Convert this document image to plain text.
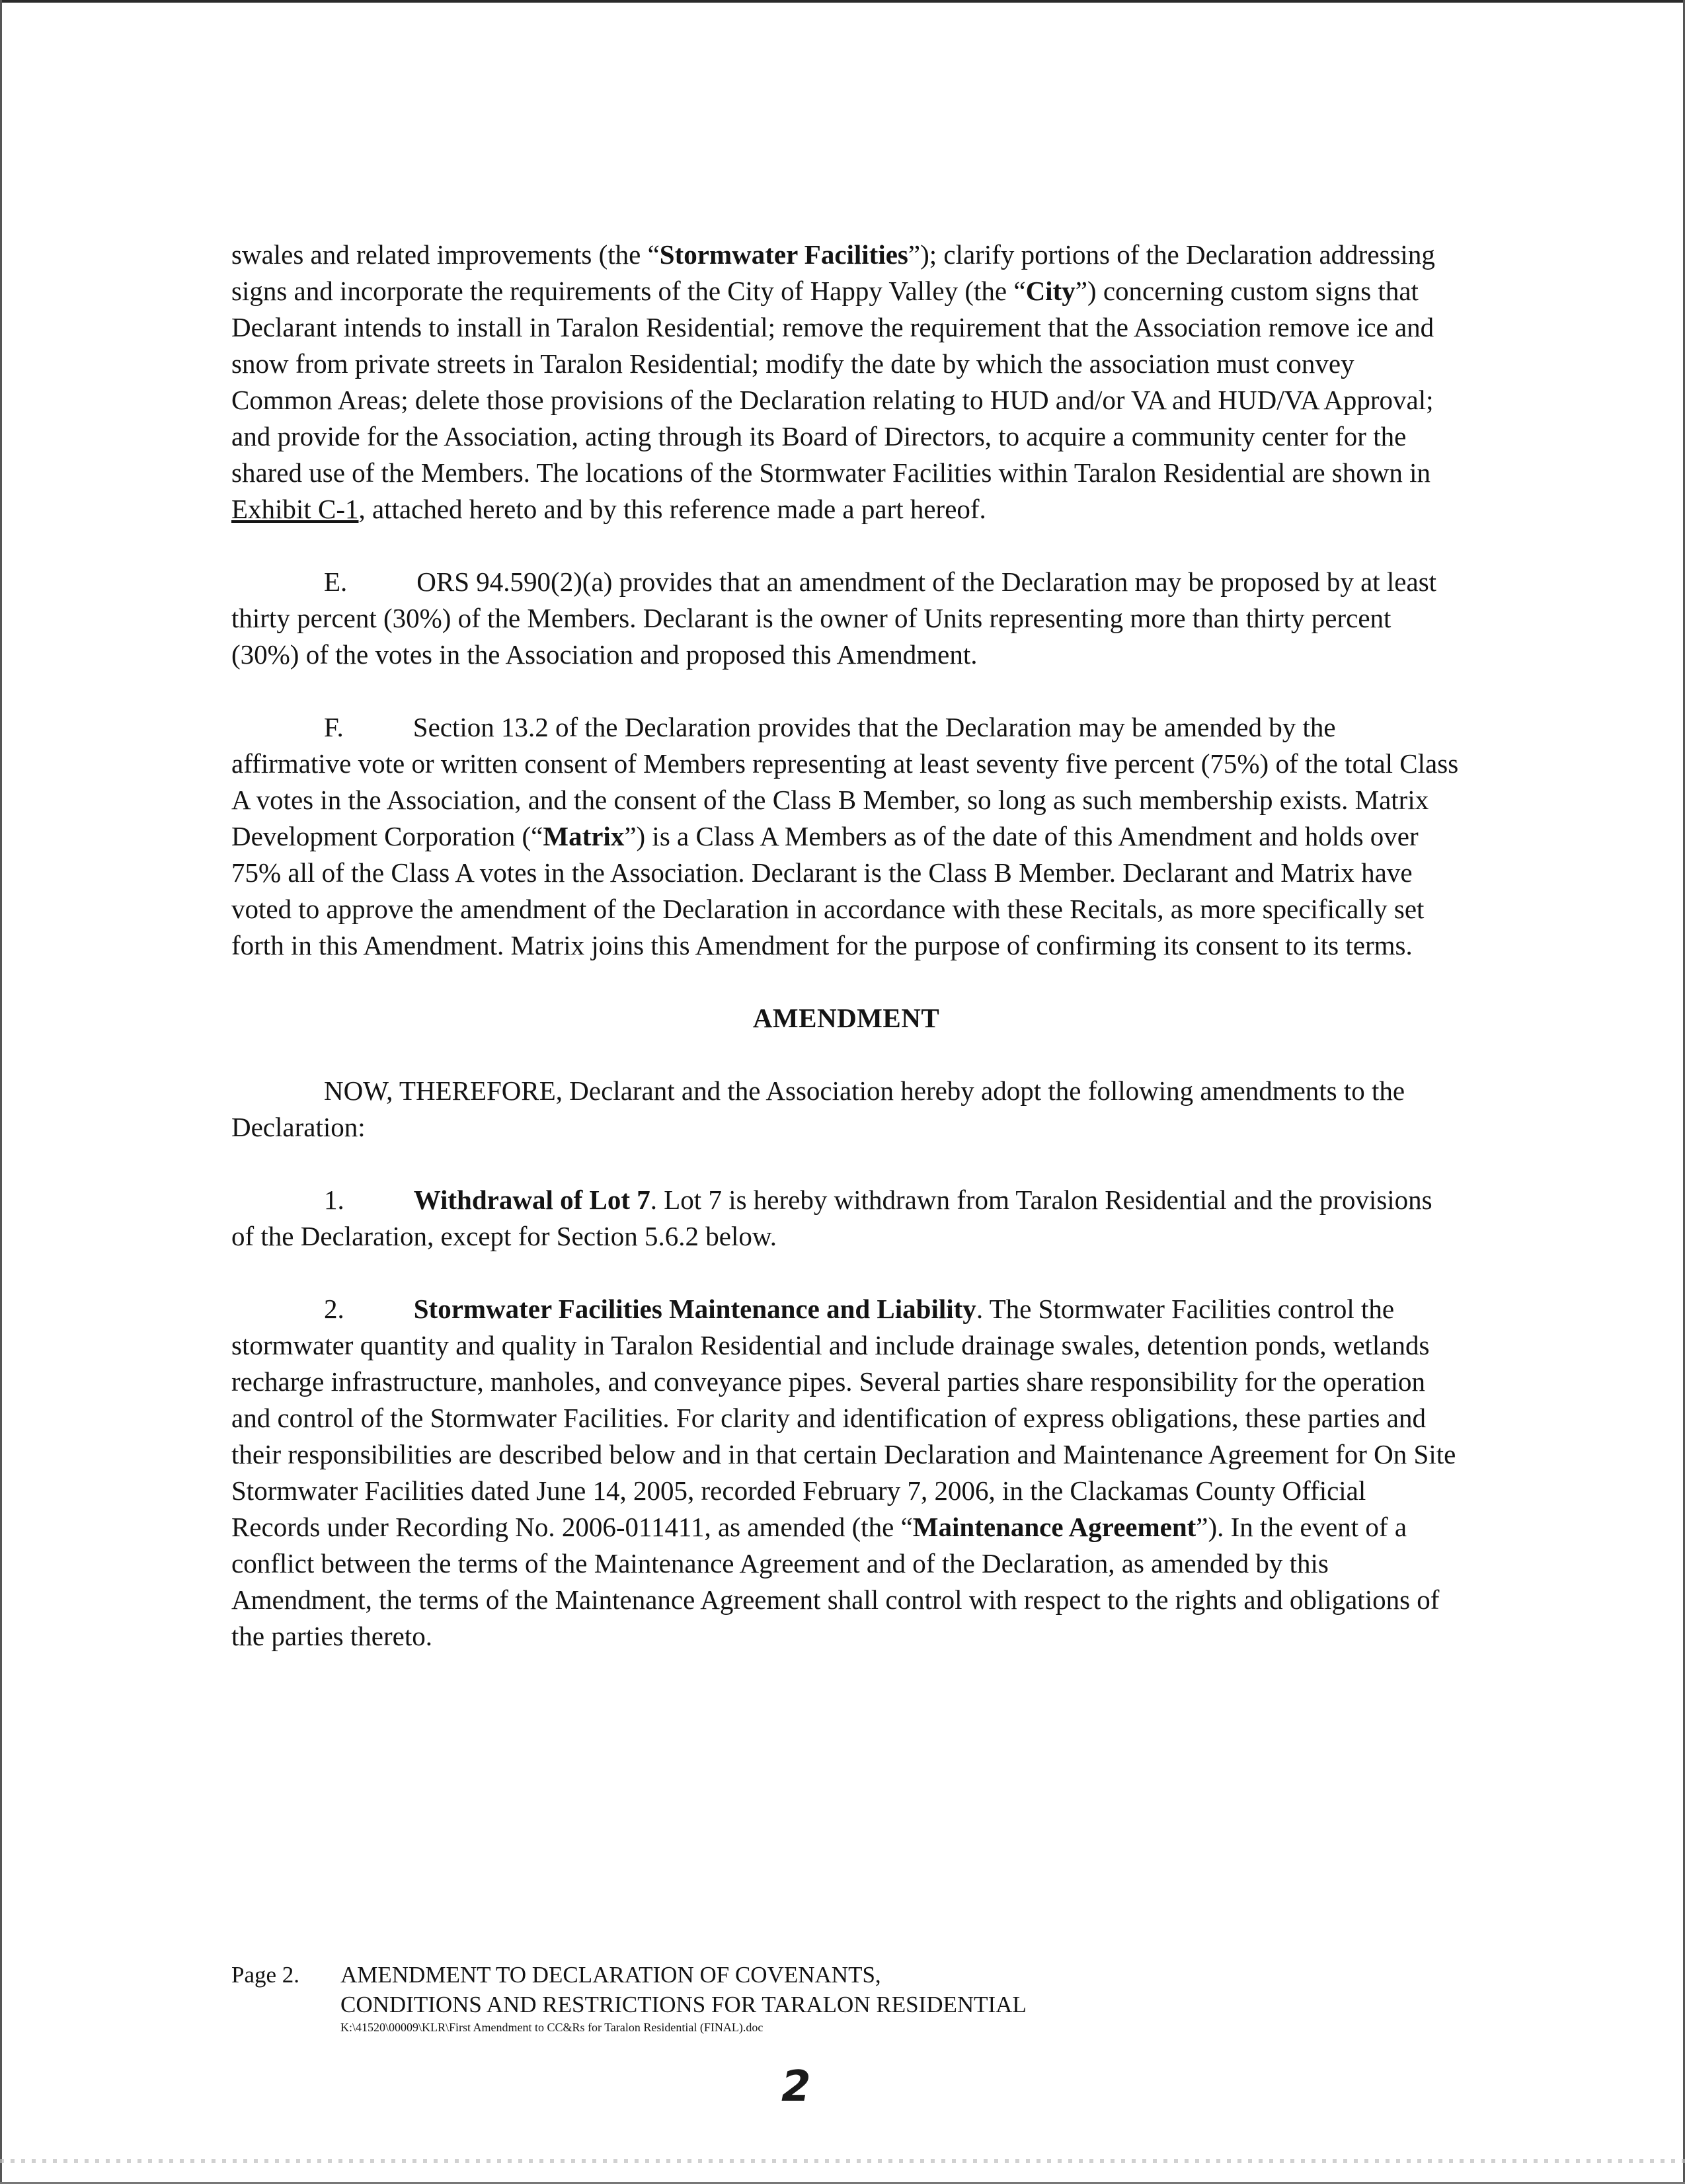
swales and related improvements (the “Stormwater Facilities”); clarify portions of the Declaration addressing signs and incorporate the requirements of the City of Happy Valley (the “City”) concerning custom signs that Declarant intends to install in Taralon Residential; remove the requirement that the Association remove ice and snow from private streets in Taralon Residential; modify the date by which the association must convey Common Areas; delete those provisions of the Declaration relating to HUD and/or VA and HUD/VA Approval; and provide for the Association, acting through its Board of Directors, to acquire a community center for the shared use of the Members. The locations of the Stormwater Facilities within Taralon Residential are shown in Exhibit C-1, attached hereto and by this reference made a part hereof.

E.	ORS 94.590(2)(a) provides that an amendment of the Declaration may be proposed by at least thirty percent (30%) of the Members. Declarant is the owner of Units representing more than thirty percent (30%) of the votes in the Association and proposed this Amendment.

F.	Section 13.2 of the Declaration provides that the Declaration may be amended by the affirmative vote or written consent of Members representing at least seventy five percent (75%) of the total Class A votes in the Association, and the consent of the Class B Member, so long as such membership exists. Matrix Development Corporation (“Matrix”) is a Class A Members as of the date of this Amendment and holds over 75% all of the Class A votes in the Association. Declarant is the Class B Member. Declarant and Matrix have voted to approve the amendment of the Declaration in accordance with these Recitals, as more specifically set forth in this Amendment. Matrix joins this Amendment for the purpose of confirming its consent to its terms.

AMENDMENT

NOW, THEREFORE, Declarant and the Association hereby adopt the following amendments to the Declaration:

1.	Withdrawal of Lot 7. Lot 7 is hereby withdrawn from Taralon Residential and the provisions of the Declaration, except for Section 5.6.2 below.

2.	Stormwater Facilities Maintenance and Liability. The Stormwater Facilities control the stormwater quantity and quality in Taralon Residential and include drainage swales, detention ponds, wetlands recharge infrastructure, manholes, and conveyance pipes. Several parties share responsibility for the operation and control of the Stormwater Facilities. For clarity and identification of express obligations, these parties and their responsibilities are described below and in that certain Declaration and Maintenance Agreement for On Site Stormwater Facilities dated June 14, 2005, recorded February 7, 2006, in the Clackamas County Official Records under Recording No. 2006-011411, as amended (the “Maintenance Agreement”). In the event of a conflict between the terms of the Maintenance Agreement and of the Declaration, as amended by this Amendment, the terms of the Maintenance Agreement shall control with respect to the rights and obligations of the parties thereto.

Page 2.	AMENDMENT TO DECLARATION OF COVENANTS,
CONDITIONS AND RESTRICTIONS FOR TARALON RESIDENTIAL
K:\41520\00009\KLR\First Amendment to CC&Rs for Taralon Residential (FINAL).doc
2
